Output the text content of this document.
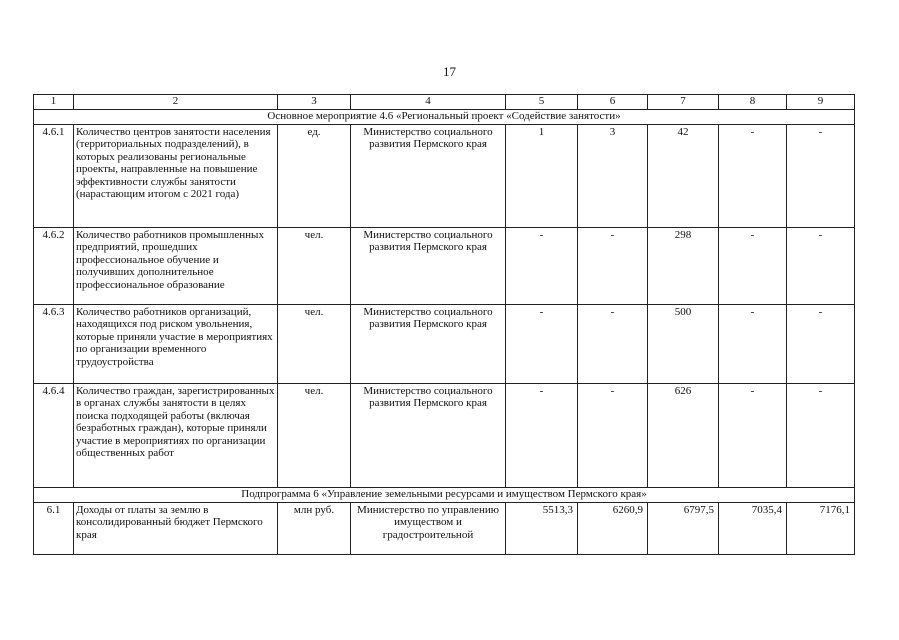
17
1	2	3	4	5	6	7	8	9
Основное мероприятие 4.6 «Региональный проект «Содействие занятости»								
4.6.1	Количество центров занятости населения (территориальных подразделений), в которых реализованы региональные проекты, направленные на повышение эффективности службы занятости (нарастающим итогом с 2021 года)	ед.	Министерство социального развития Пермского края	1	3	42	-	-
4.6.2	Количество работников промышленных предприятий, прошедших профессиональное обучение и получивших дополнительное профессиональное образование	чел.	Министерство социального развития Пермского края	-	-	298	-	-
4.6.3	Количество работников организаций, находящихся под риском увольнения, которые приняли участие в мероприятиях по организации временного трудоустройства	чел.	Министерство социального развития Пермского края	-	-	500	-	-
4.6.4	Количество граждан, зарегистрированных в органах службы занятости в целях поиска подходящей работы (включая безработных граждан), которые приняли участие в мероприятиях по организации общественных работ	чел.	Министерство социального развития Пермского края	-	-	626	-	-
Подпрограмма 6 «Управление земельными ресурсами и имуществом Пермского края»								
6.1	Доходы от платы за землю в консолидированный бюджет Пермского края	млн руб.	Министерство по управлению имуществом и градостроительной	5513,3	6260,9	6797,5	7035,4	7176,1
